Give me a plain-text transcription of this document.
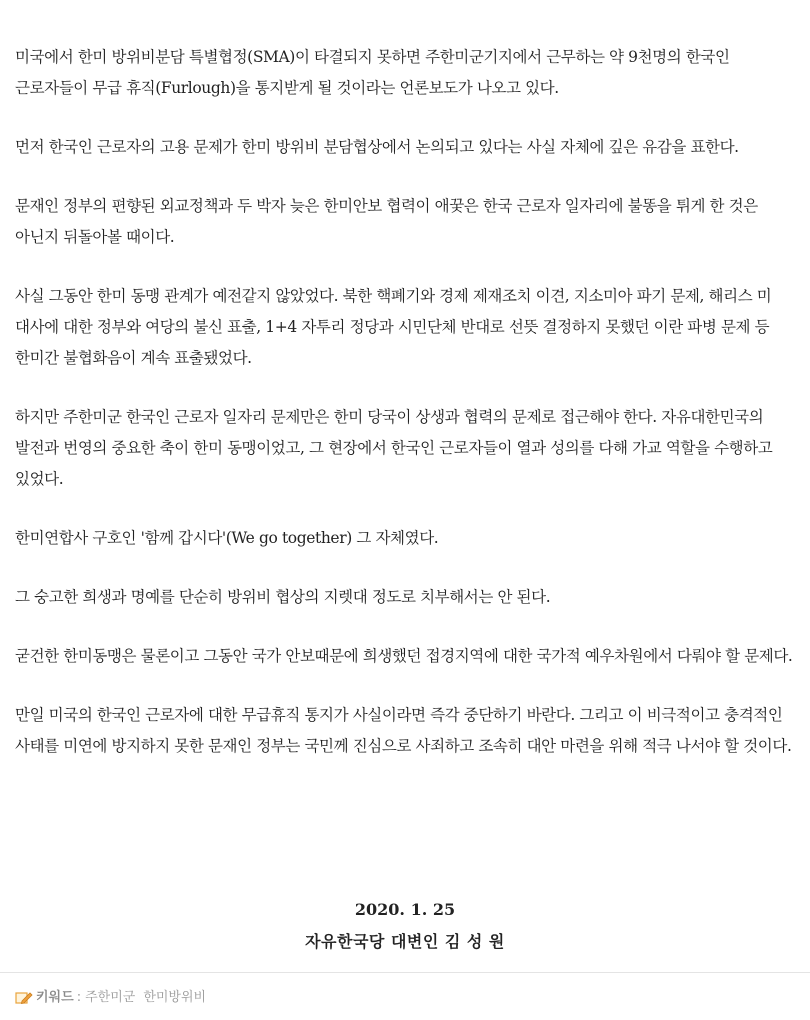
미국에서 한미 방위비분담 특별협정(SMA)이 타결되지 못하면 주한미군기지에서 근무하는 약 9천명의 한국인 근로자들이 무급 휴직(Furlough)을 통지받게 될 것이라는 언론보도가 나오고 있다.

먼저 한국인 근로자의 고용 문제가 한미 방위비 분담협상에서 논의되고 있다는 사실 자체에 깊은 유감을 표한다.

문재인 정부의 편향된 외교정책과 두 박자 늦은 한미안보 협력이 애꿎은 한국 근로자 일자리에 불똥을 튀게 한 것은 아닌지 뒤돌아볼 때이다.

사실 그동안 한미 동맹 관계가 예전같지 않았었다. 북한 핵폐기와 경제 제재조치 이견, 지소미아 파기 문제, 해리스 미 대사에 대한 정부와 여당의 불신 표출, 1+4 자투리 정당과 시민단체 반대로 선뜻 결정하지 못했던 이란 파병 문제 등 한미간 불협화음이 계속 표출됐었다.

하지만 주한미군 한국인 근로자 일자리 문제만은 한미 당국이 상생과 협력의 문제로 접근해야 한다. 자유대한민국의 발전과 번영의 중요한 축이 한미 동맹이었고, 그 현장에서 한국인 근로자들이 열과 성의를 다해 가교 역할을 수행하고 있었다.

한미연합사 구호인 '함께 갑시다'(We go together) 그 자체였다.

그 숭고한 희생과 명예를 단순히 방위비 협상의 지렛대 정도로 치부해서는 안 된다.

굳건한 한미동맹은 물론이고 그동안 국가 안보때문에 희생했던 접경지역에 대한 국가적 예우차원에서 다뤄야 할 문제다.

만일 미국의 한국인 근로자에 대한 무급휴직 통지가 사실이라면 즉각 중단하기 바란다. 그리고 이 비극적이고 충격적인 사태를 미연에 방지하지 못한 문재인 정부는 국민께 진심으로 사죄하고 조속히 대안 마련을 위해 적극 나서야 할 것이다.

2020. 1. 25
자유한국당 대변인 김 성 원
키워드 : 주한미군 한미방위비
